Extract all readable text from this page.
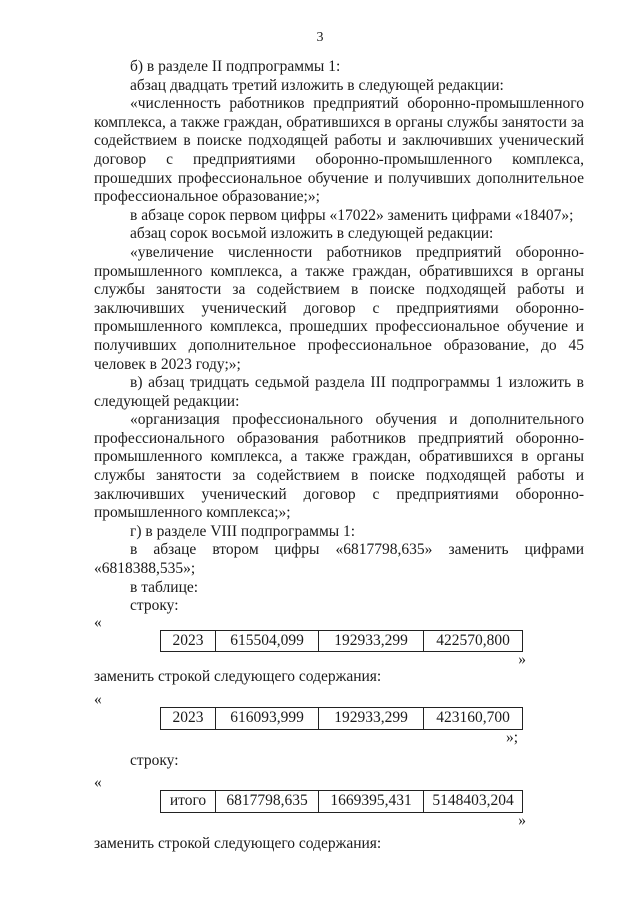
3

б) в разделе II подпрограммы 1:

абзац двадцать третий изложить в следующей редакции:

«численность работников предприятий оборонно-промышленного комплекса, а также граждан, обратившихся в органы службы занятости за содействием в поиске подходящей работы и заключивших ученический договор с предприятиями оборонно-промышленного комплекса, прошедших профессиональное обучение и получивших дополнительное профессиональное образование;»;

в абзаце сорок первом цифры «17022» заменить цифрами «18407»;

абзац сорок восьмой изложить в следующей редакции:

«увеличение численности работников предприятий оборонно-промышленного комплекса, а также граждан, обратившихся в органы службы занятости за содействием в поиске подходящей работы и заключивших ученический договор с предприятиями оборонно-промышленного комплекса, прошедших профессиональное обучение и получивших дополнительное профессиональное образование, до 45 человек в 2023 году;»;

в) абзац тридцать седьмой раздела III подпрограммы 1 изложить в следующей редакции:

«организация профессионального обучения и дополнительного профессионального образования работников предприятий оборонно-промышленного комплекса, а также граждан, обратившихся в органы службы занятости за содействием в поиске подходящей работы и заключивших ученический договор с предприятиями оборонно-промышленного комплекса;»;

г) в разделе VIII подпрограммы 1:

в абзаце втором цифры «6817798,635» заменить цифрами «6818388,535»;

в таблице:

строку:

«

2023	615504,099	192933,299	422570,800
»

заменить строкой следующего содержания:

«

2023	616093,999	192933,299	423160,700
»;

строку:

«

итого	6817798,635	1669395,431	5148403,204
»

заменить строкой следующего содержания:
